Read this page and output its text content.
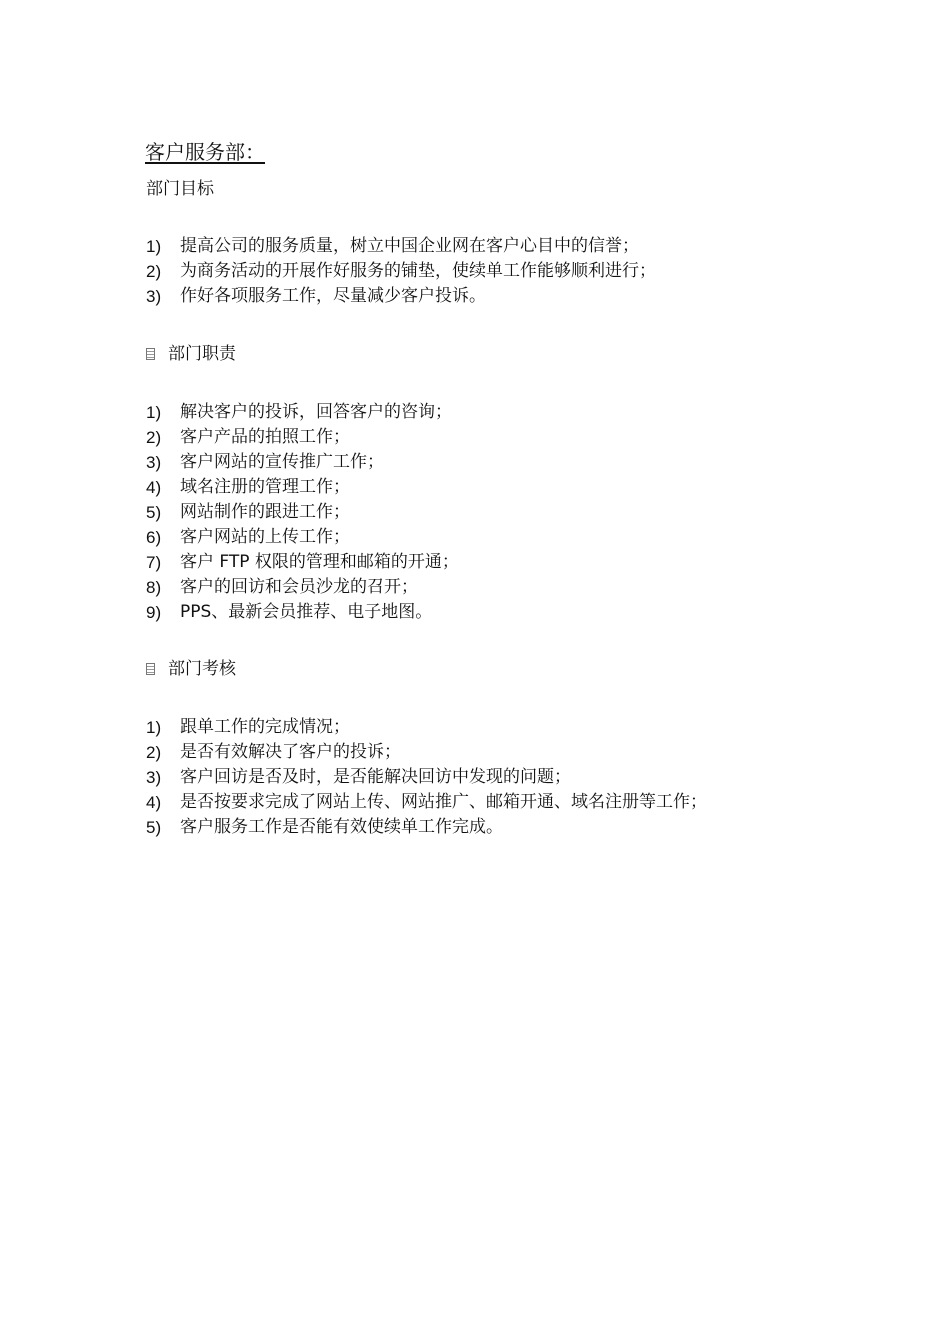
客户服务部：
部门目标
1)	提高公司的服务质量，树立中国企业网在客户心目中的信誉；
2)	为商务活动的开展作好服务的铺垫，使续单工作能够顺利进行；
3)	作好各项服务工作，尽量减少客户投诉。
部门职责
1)	解决客户的投诉，回答客户的咨询；
2)	客户产品的拍照工作；
3)	客户网站的宣传推广工作；
4)	域名注册的管理工作；
5)	网站制作的跟进工作；
6)	客户网站的上传工作；
7)	客户 FTP 权限的管理和邮箱的开通；
8)	客户的回访和会员沙龙的召开；
9)	PPS、最新会员推荐、电子地图。
部门考核
1)	跟单工作的完成情况；
2)	是否有效解决了客户的投诉；
3)	客户回访是否及时，是否能解决回访中发现的问题；
4)	是否按要求完成了网站上传、网站推广、邮箱开通、域名注册等工作；
5)	客户服务工作是否能有效使续单工作完成。
